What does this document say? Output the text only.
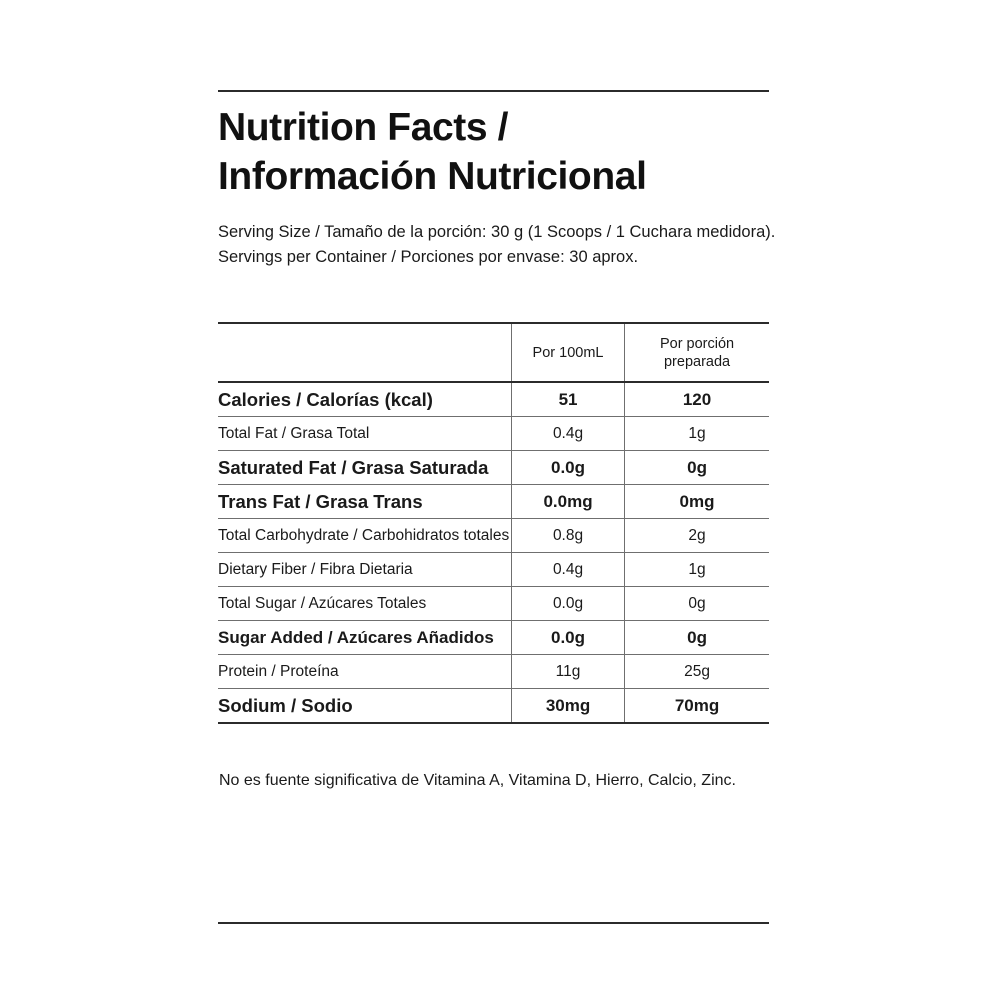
Nutrition Facts /
Información Nutricional
Serving Size / Tamaño de la porción: 30 g (1 Scoops / 1 Cuchara medidora).
Servings per Container / Porciones por envase: 30 aprox.
	Por 100mL	Por porción preparada
Calories / Calorías (kcal)	51	120
Total Fat / Grasa Total	0.4g	1g
Saturated Fat / Grasa Saturada	0.0g	0g
Trans Fat / Grasa Trans	0.0mg	0mg
Total Carbohydrate / Carbohidratos totales	0.8g	2g
Dietary Fiber / Fibra Dietaria	0.4g	1g
Total Sugar / Azúcares Totales	0.0g	0g
Sugar Added / Azúcares Añadidos	0.0g	0g
Protein / Proteína	11g	25g
Sodium / Sodio	30mg	70mg
No es fuente significativa de Vitamina A, Vitamina D, Hierro, Calcio, Zinc.
